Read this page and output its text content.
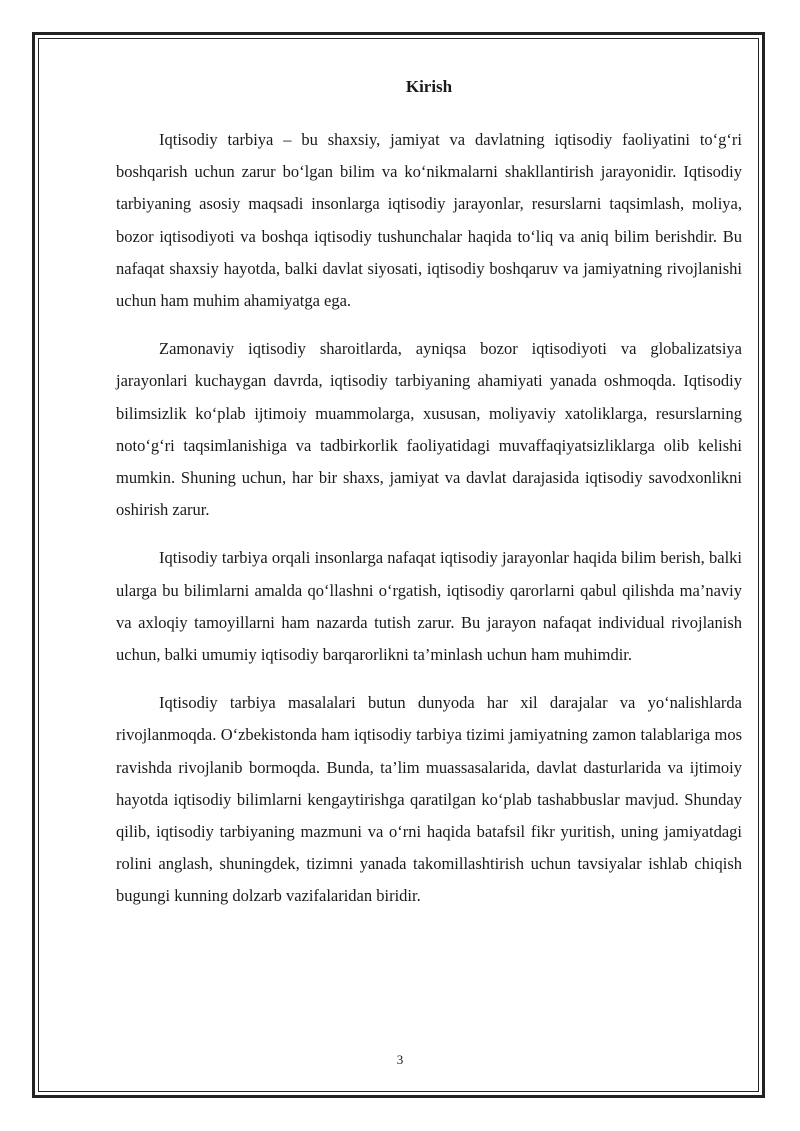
Kirish

Iqtisodiy tarbiya – bu shaxsiy, jamiyat va davlatning iqtisodiy faoliyatini to‘g‘ri boshqarish uchun zarur bo‘lgan bilim va ko‘nikmalarni shakllantirish jarayonidir. Iqtisodiy tarbiyaning asosiy maqsadi insonlarga iqtisodiy jarayonlar, resurslarni taqsimlash, moliya, bozor iqtisodiyoti va boshqa iqtisodiy tushunchalar haqida to‘liq va aniq bilim berishdir. Bu nafaqat shaxsiy hayotda, balki davlat siyosati, iqtisodiy boshqaruv va jamiyatning rivojlanishi uchun ham muhim ahamiyatga ega.

Zamonaviy iqtisodiy sharoitlarda, ayniqsa bozor iqtisodiyoti va globalizatsiya jarayonlari kuchaygan davrda, iqtisodiy tarbiyaning ahamiyati yanada oshmoqda. Iqtisodiy bilimsizlik ko‘plab ijtimoiy muammolarga, xususan, moliyaviy xatoliklarga, resurslarning noto‘g‘ri taqsimlanishiga va tadbirkorlik faoliyatidagi muvaffaqiyatsizliklarga olib kelishi mumkin. Shuning uchun, har bir shaxs, jamiyat va davlat darajasida iqtisodiy savodxonlikni oshirish zarur.

Iqtisodiy tarbiya orqali insonlarga nafaqat iqtisodiy jarayonlar haqida bilim berish, balki ularga bu bilimlarni amalda qo‘llashni o‘rgatish, iqtisodiy qarorlarni qabul qilishda ma’naviy va axloqiy tamoyillarni ham nazarda tutish zarur. Bu jarayon nafaqat individual rivojlanish uchun, balki umumiy iqtisodiy barqarorlikni ta’minlash uchun ham muhimdir.

Iqtisodiy tarbiya masalalari butun dunyoda har xil darajalar va yo‘nalishlarda rivojlanmoqda. O‘zbekistonda ham iqtisodiy tarbiya tizimi jamiyatning zamon talablariga mos ravishda rivojlanib bormoqda. Bunda, ta’lim muassasalarida, davlat dasturlarida va ijtimoiy hayotda iqtisodiy bilimlarni kengaytirishga qaratilgan ko‘plab tashabbuslar mavjud. Shunday qilib, iqtisodiy tarbiyaning mazmuni va o‘rni haqida batafsil fikr yuritish, uning jamiyatdagi rolini anglash, shuningdek, tizimni yanada takomillashtirish uchun tavsiyalar ishlab chiqish bugungi kunning dolzarb vazifalaridan biridir.

3
